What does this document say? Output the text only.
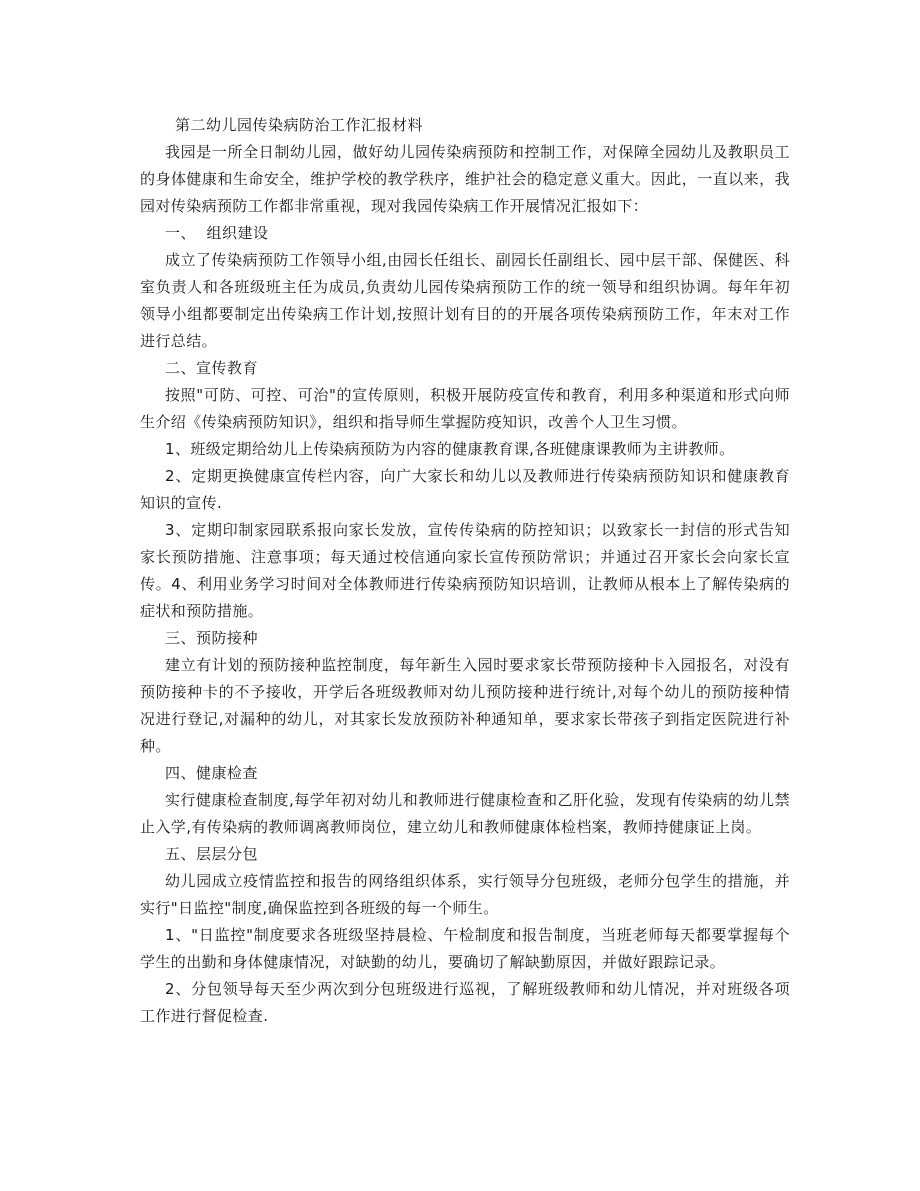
第二幼儿园传染病防治工作汇报材料

我园是一所全日制幼儿园，做好幼儿园传染病预防和控制工作，对保障全园幼儿及教职员工的身体健康和生命安全，维护学校的教学秩序，维护社会的稳定意义重大。因此，一直以来，我园对传染病预防工作都非常重视，现对我园传染病工作开展情况汇报如下：

一、  组织建设

成立了传染病预防工作领导小组,由园长任组长、副园长任副组长、园中层干部、保健医、科室负责人和各班级班主任为成员,负责幼儿园传染病预防工作的统一领导和组织协调。每年年初领导小组都要制定出传染病工作计划,按照计划有目的的开展各项传染病预防工作，年末对工作进行总结。

二、宣传教育

按照"可防、可控、可治"的宣传原则，积极开展防疫宣传和教育，利用多种渠道和形式向师生介绍《传染病预防知识》，组织和指导师生掌握防疫知识，改善个人卫生习惯。

1、班级定期给幼儿上传染病预防为内容的健康教育课,各班健康课教师为主讲教师。

2、定期更换健康宣传栏内容，向广大家长和幼儿以及教师进行传染病预防知识和健康教育知识的宣传.

3、定期印制家园联系报向家长发放，宣传传染病的防控知识；以致家长一封信的形式告知家长预防措施、注意事项；每天通过校信通向家长宣传预防常识；并通过召开家长会向家长宣传。4、利用业务学习时间对全体教师进行传染病预防知识培训，让教师从根本上了解传染病的症状和预防措施。

三、预防接种

建立有计划的预防接种监控制度，每年新生入园时要求家长带预防接种卡入园报名，对没有预防接种卡的不予接收，开学后各班级教师对幼儿预防接种进行统计,对每个幼儿的预防接种情况进行登记,对漏种的幼儿，对其家长发放预防补种通知单，要求家长带孩子到指定医院进行补种。

四、健康检查

实行健康检查制度,每学年初对幼儿和教师进行健康检查和乙肝化验，发现有传染病的幼儿禁止入学,有传染病的教师调离教师岗位，建立幼儿和教师健康体检档案，教师持健康证上岗。

五、层层分包

幼儿园成立疫情监控和报告的网络组织体系，实行领导分包班级，老师分包学生的措施，并实行"日监控"制度,确保监控到各班级的每一个师生。

1、"日监控"制度要求各班级坚持晨检、午检制度和报告制度，当班老师每天都要掌握每个学生的出勤和身体健康情况，对缺勤的幼儿，要确切了解缺勤原因，并做好跟踪记录。

2、分包领导每天至少两次到分包班级进行巡视，了解班级教师和幼儿情况，并对班级各项工作进行督促检查.
